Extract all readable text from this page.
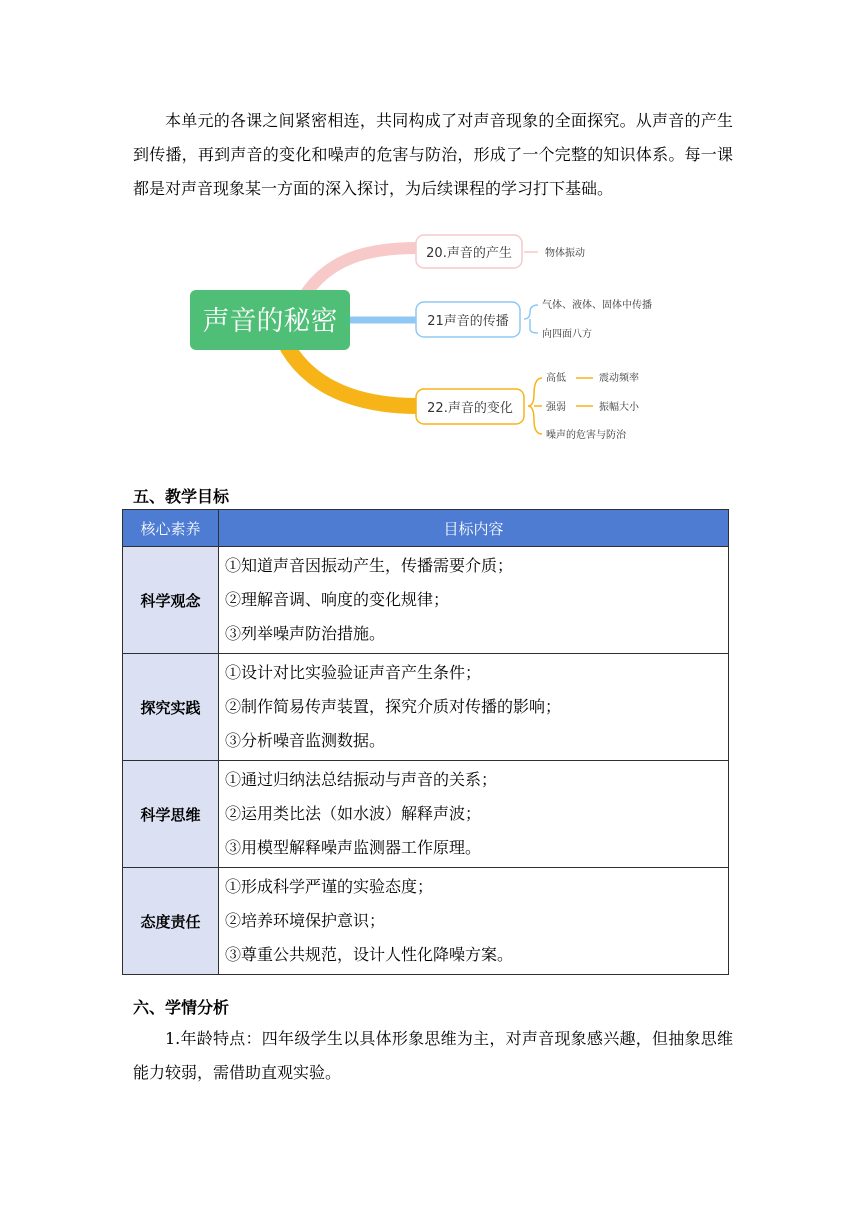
本单元的各课之间紧密相连，共同构成了对声音现象的全面探究。从声音的产生到传播，再到声音的变化和噪声的危害与防治，形成了一个完整的知识体系。每一课都是对声音现象某一方面的深入探讨，为后续课程的学习打下基础。

声音的秘密
20.声音的产生	物体振动
21声音的传播
气体、液体、固体中传播
向四面八方
22.声音的变化
高低	震动频率
强弱	振幅大小
噪声的危害与防治
五、教学目标
核心素养	目标内容
科学观念	①知道声音因振动产生，传播需要介质；
②理解音调、响度的变化规律；
③列举噪声防治措施。

探究实践	①设计对比实验验证声音产生条件；
②制作简易传声装置，探究介质对传播的影响；
③分析噪音监测数据。

科学思维	①通过归纳法总结振动与声音的关系；
②运用类比法（如水波）解释声波；
③用模型解释噪声监测器工作原理。

态度责任	①形成科学严谨的实验态度；
②培养环境保护意识；
③尊重公共规范，设计人性化降噪方案。
六、学情分析

1.年龄特点：四年级学生以具体形象思维为主，对声音现象感兴趣，但抽象思维能力较弱，需借助直观实验。
